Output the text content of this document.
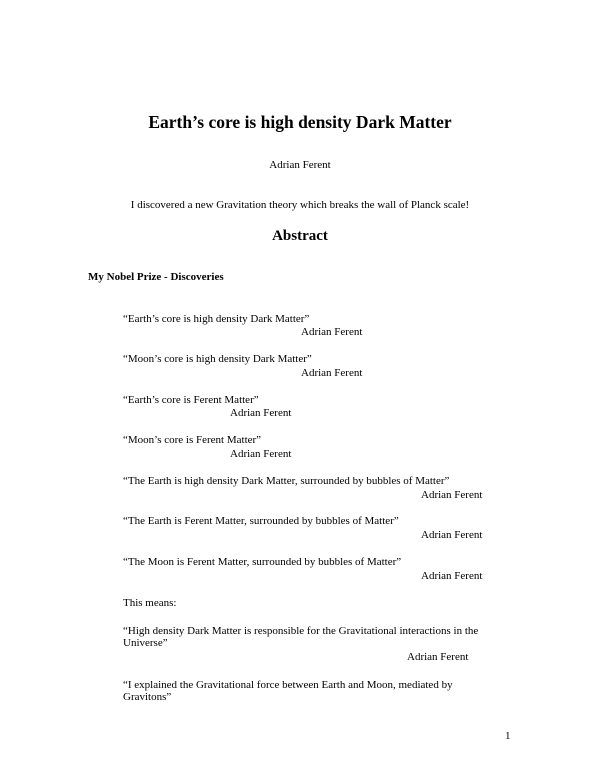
Earth’s core is high density Dark Matter
Adrian Ferent
I discovered a new Gravitation theory which breaks the wall of Planck scale!
Abstract
My Nobel Prize - Discoveries
“Earth’s core is high density Dark Matter”
Adrian Ferent
“Moon’s core is high density Dark Matter”
Adrian Ferent
“Earth’s core is Ferent Matter”
Adrian Ferent
“Moon’s core is Ferent Matter”
Adrian Ferent
“The Earth is high density Dark Matter, surrounded by bubbles of Matter”
Adrian Ferent
“The Earth is Ferent Matter, surrounded by bubbles of Matter”
Adrian Ferent
“The Moon is Ferent Matter, surrounded by bubbles of Matter”
Adrian Ferent
This means:
“High density Dark Matter is responsible for the Gravitational interactions in the Universe”
Adrian Ferent
“I explained the Gravitational force between Earth and Moon, mediated by Gravitons”
1
